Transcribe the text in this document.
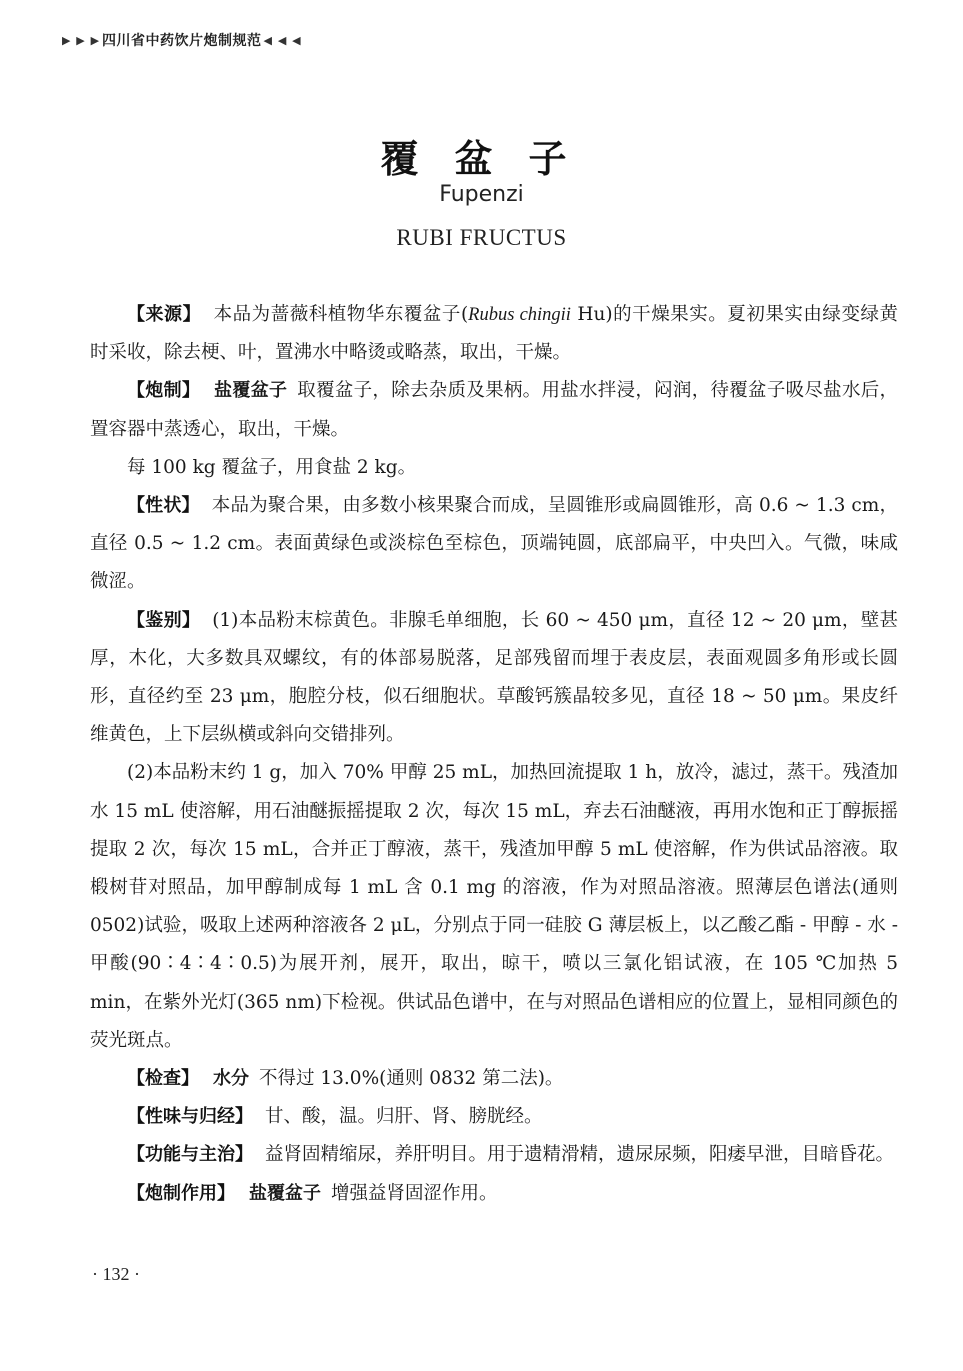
▶ ▶ ▶ 四川省中药饮片炮制规范 ◀ ◀ ◀
覆盆子
Fupenzi
RUBI FRUCTUS

【来源】 本品为蔷薇科植物华东覆盆子(Rubus chingii Hu)的干燥果实。夏初果实由绿变绿黄时采收，除去梗、叶，置沸水中略烫或略蒸，取出，干燥。

【炮制】 盐覆盆子 取覆盆子，除去杂质及果柄。用盐水拌浸，闷润，待覆盆子吸尽盐水后，置容器中蒸透心，取出，干燥。

每 100 kg 覆盆子，用食盐 2 kg。

【性状】 本品为聚合果，由多数小核果聚合而成，呈圆锥形或扁圆锥形，高 0.6 ~ 1.3 cm，直径 0.5 ~ 1.2 cm。表面黄绿色或淡棕色至棕色，顶端钝圆，底部扁平，中央凹入。气微，味咸微涩。

【鉴别】 (1)本品粉末棕黄色。非腺毛单细胞，长 60 ~ 450 μm，直径 12 ~ 20 μm，壁甚厚，木化，大多数具双螺纹，有的体部易脱落，足部残留而埋于表皮层，表面观圆多角形或长圆形，直径约至 23 μm，胞腔分枝，似石细胞状。草酸钙簇晶较多见，直径 18 ~ 50 μm。果皮纤维黄色，上下层纵横或斜向交错排列。

(2)本品粉末约 1 g，加入 70% 甲醇 25 mL，加热回流提取 1 h，放冷，滤过，蒸干。残渣加水 15 mL 使溶解，用石油醚振摇提取 2 次，每次 15 mL，弃去石油醚液，再用水饱和正丁醇振摇提取 2 次，每次 15 mL，合并正丁醇液，蒸干，残渣加甲醇 5 mL 使溶解，作为供试品溶液。取椴树苷对照品，加甲醇制成每 1 mL 含 0.1 mg 的溶液，作为对照品溶液。照薄层色谱法(通则 0502)试验，吸取上述两种溶液各 2 μL，分别点于同一硅胶 G 薄层板上，以乙酸乙酯 - 甲醇 - 水 - 甲酸(90∶4∶4∶0.5)为展开剂，展开，取出，晾干，喷以三氯化铝试液，在 105 ℃加热 5 min，在紫外光灯(365 nm)下检视。供试品色谱中，在与对照品色谱相应的位置上，显相同颜色的荧光斑点。

【检查】 水分 不得过 13.0%(通则 0832 第二法)。

【性味与归经】 甘、酸，温。归肝、肾、膀胱经。

【功能与主治】 益肾固精缩尿，养肝明目。用于遗精滑精，遗尿尿频，阳痿早泄，目暗昏花。

【炮制作用】 盐覆盆子 增强益肾固涩作用。

· 132 ·
